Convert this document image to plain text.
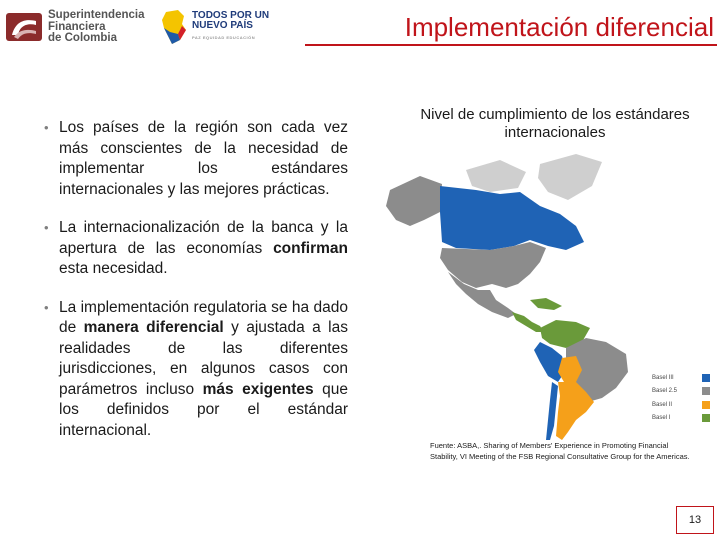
Superintendencia
Financiera
de Colombia
TODOS POR UN
NUEVO PAÍS
PAZ EQUIDAD EDUCACIÓN	Implementación diferencial
• Los países de la región son cada vez más conscientes de la necesidad de implementar los estándares internacionales y las mejores prácticas.
• La internacionalización de la banca y la apertura de las economías confirman esta necesidad.
• La implementación regulatoria se ha dado de manera diferencial y ajustada a las realidades de las diferentes jurisdicciones, en algunos casos con parámetros incluso más exigentes que los definidos por el estándar internacional.
Nivel de cumplimiento de los estándares internacionales
Basel III
Basel 2.5
Basel II
Basel I
Fuente: ASBA,. Sharing of Members' Experience in Promoting Financial Stability, VI Meeting of the FSB Regional Consultative Group for the Americas.
13
